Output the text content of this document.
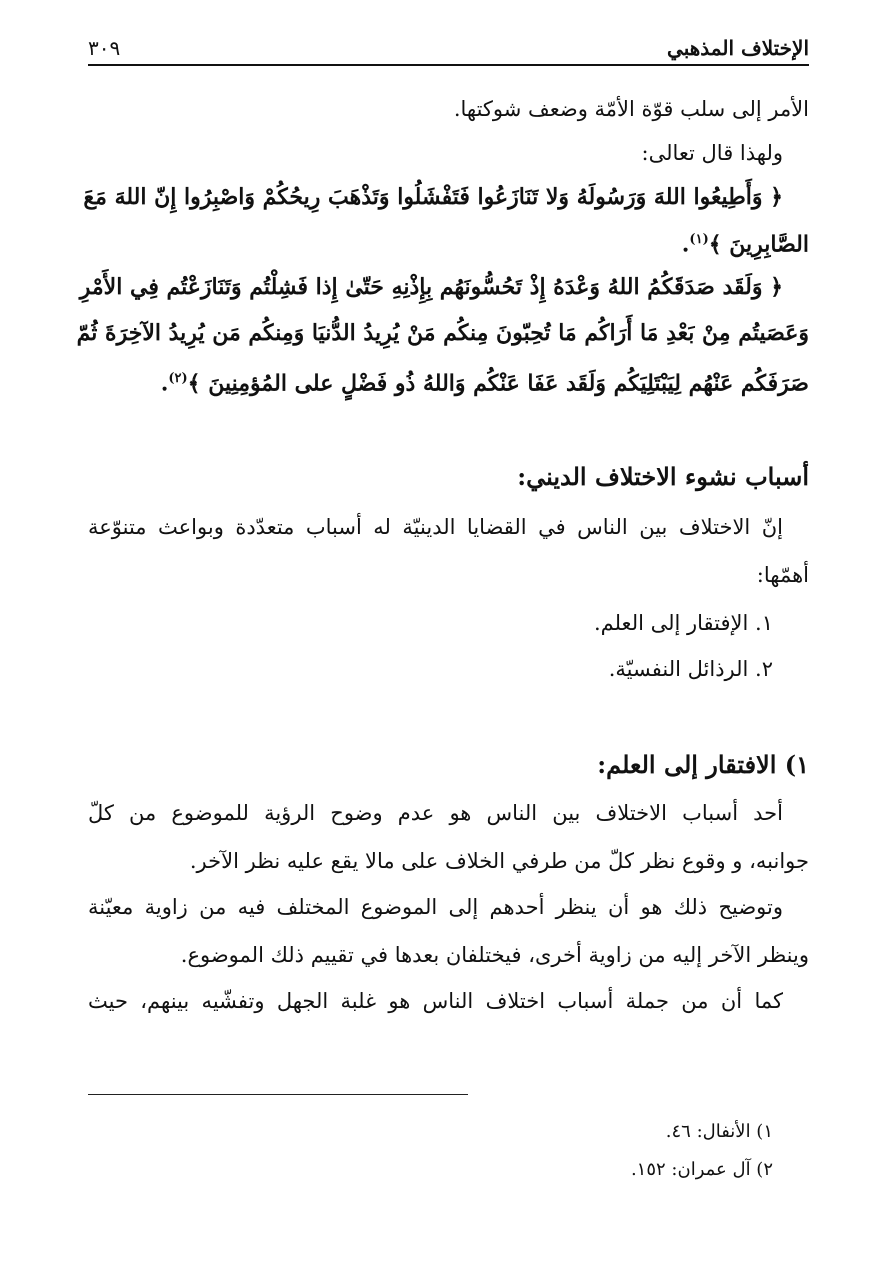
الإختلاف المذهبي
٣٠٩
الأمر إلى سلب قوّة الأمّة وضعف شوكتها.
ولهذا قال تعالى:
﴿ وَأَطِيعُوا اللهَ وَرَسُولَهُ وَلا تَنَازَعُوا فَتَفْشَلُوا وَتَذْهَبَ رِيحُكُمْ وَاصْبِرُوا إِنّ اللهَ مَعَ
الصَّابِرِينَ ﴾$^{(١)}$.
﴿ وَلَقَد صَدَقَكُمُ اللهُ وَعْدَهُ إِذْ تَحُسُّونَهُم بِإِذْنِهِ حَتّىٰ إِذا فَشِلْتُم وَتَنَازَعْتُم فِي الأَمْرِ
وَعَصَيتُم مِنْ بَعْدِ مَا أَرَاكُم مَا تُحِبّونَ مِنكُم مَنْ يُرِيدُ الدُّنيَا وَمِنكُم مَن يُرِيدُ الآخِرَةَ ثُمّ
صَرَفَكُم عَنْهُم لِيَبْتَلِيَكُم وَلَقَد عَفَا عَنْكُم وَاللهُ ذُو فَضْلٍ على المُؤمِنِينَ ﴾$^{(٢)}$.
أسباب نشوء الاختلاف الديني:
إنّ الاختلاف بين الناس في القضايا الدينيّة له أسباب متعدّدة وبواعث متنوّعة
أهمّها:
١. الإفتقار إلى العلم.
٢. الرذائل النفسيّة.
١) الافتقار إلى العلم:
أحد أسباب الاختلاف بين الناس هو عدم وضوح الرؤية للموضوع من كلّ
جوانبه، و وقوع نظر كلّ من طرفي الخلاف على مالا يقع عليه نظر الآخر.
وتوضيح ذلك هو أن ينظر أحدهم إلى الموضوع المختلف فيه من زاوية معيّنة
وينظر الآخر إليه من زاوية أخرى، فيختلفان بعدها في تقييم ذلك الموضوع.
كما أن من جملة أسباب اختلاف الناس هو غلبة الجهل وتفشّيه بينهم، حيث
١) الأنفال: ٤٦.
٢) آل عمران: ١٥٢.
